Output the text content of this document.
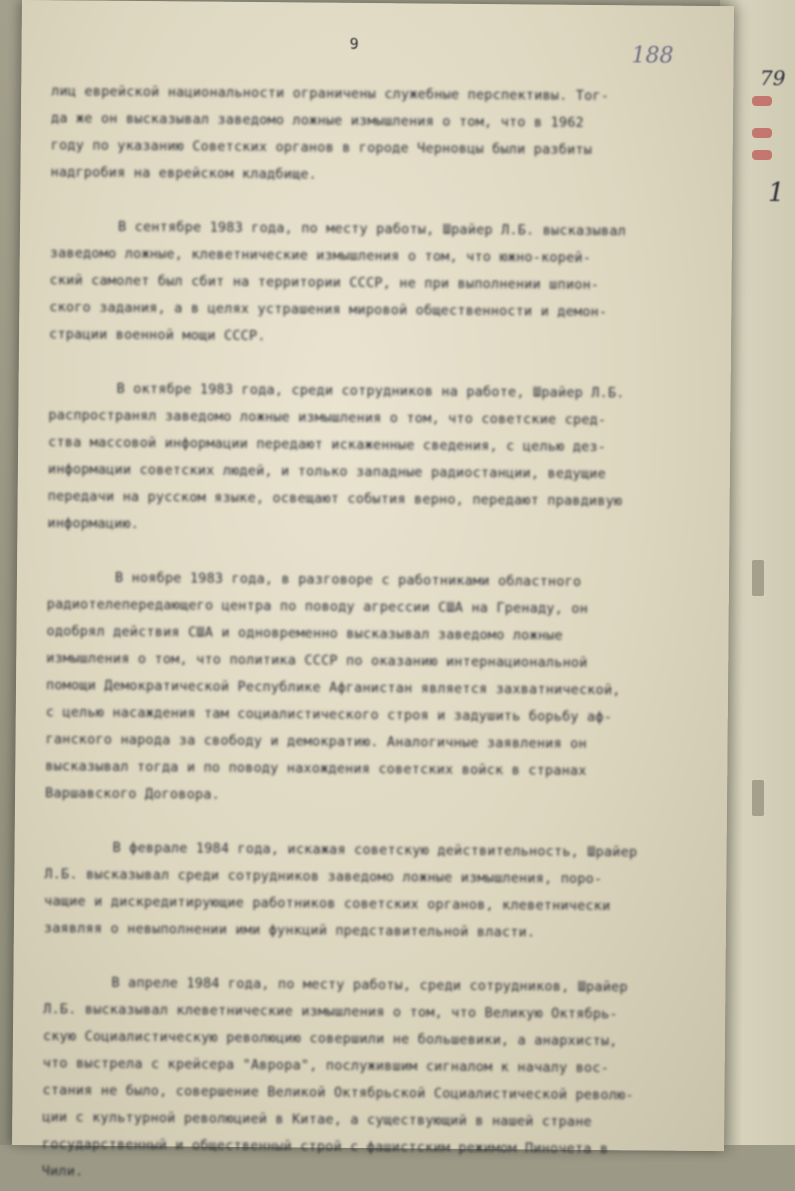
9	188
лиц еврейской национальности ограничены служебные перспективы. Тог-
да же он высказывал заведомо ложные измышления о том, что в 1962
году по указанию Советских органов в городе Черновцы были разбиты
надгробия на еврейском кладбище.
В сентябре 1983 года, по месту работы, Шрайер Л.Б. высказывал
заведомо ложные, клеветнические измышления о том, что южно-корей-
ский самолет был сбит на территории СССР, не при выполнении шпион-
ского задания, а в целях устрашения мировой общественности и демон-
страции военной мощи СССР.
В октябре 1983 года, среди сотрудников на работе, Шрайер Л.Б.
распространял заведомо ложные измышления о том, что советские сред-
ства массовой информации передают искаженные сведения, с целью дез-
информации советских людей, и только западные радиостанции, ведущие
передачи на русском языке, освещают события верно, передают правдивую
информацию.
В ноябре 1983 года, в разговоре с работниками областного
радиотелепередающего центра по поводу агрессии США на Гренаду, он
одобрял действия США и одновременно высказывал заведомо ложные
измышления о том, что политика СССР по оказанию интернациональной
помощи Демократической Республике Афганистан является захватнической,
с целью насаждения там социалистического строя и задушить борьбу аф-
ганского народа за свободу и демократию. Аналогичные заявления он
высказывал тогда и по поводу нахождения советских войск в странах
Варшавского Договора.
В феврале 1984 года, искажая советскую действительность, Шрайер
Л.Б. высказывал среди сотрудников заведомо ложные измышления, поро-
чащие и дискредитирующие работников советских органов, клеветнически
заявляя о невыполнении ими функций представительной власти.
В апреле 1984 года, по месту работы, среди сотрудников, Шрайер
Л.Б. высказывал клеветнические измышления о том, что Великую Октябрь-
скую Социалистическую революцию совершили не большевики, а анархисты,
что выстрела с крейсера "Аврора", послужившим сигналом к началу вос-
стания не было, совершение Великой Октябрьской Социалистической револю-
ции с культурной революцией в Китае, а существующий в нашей стране
государственный и общественный строй с фашистским режимом Пиночета в
Чили.
79
1
